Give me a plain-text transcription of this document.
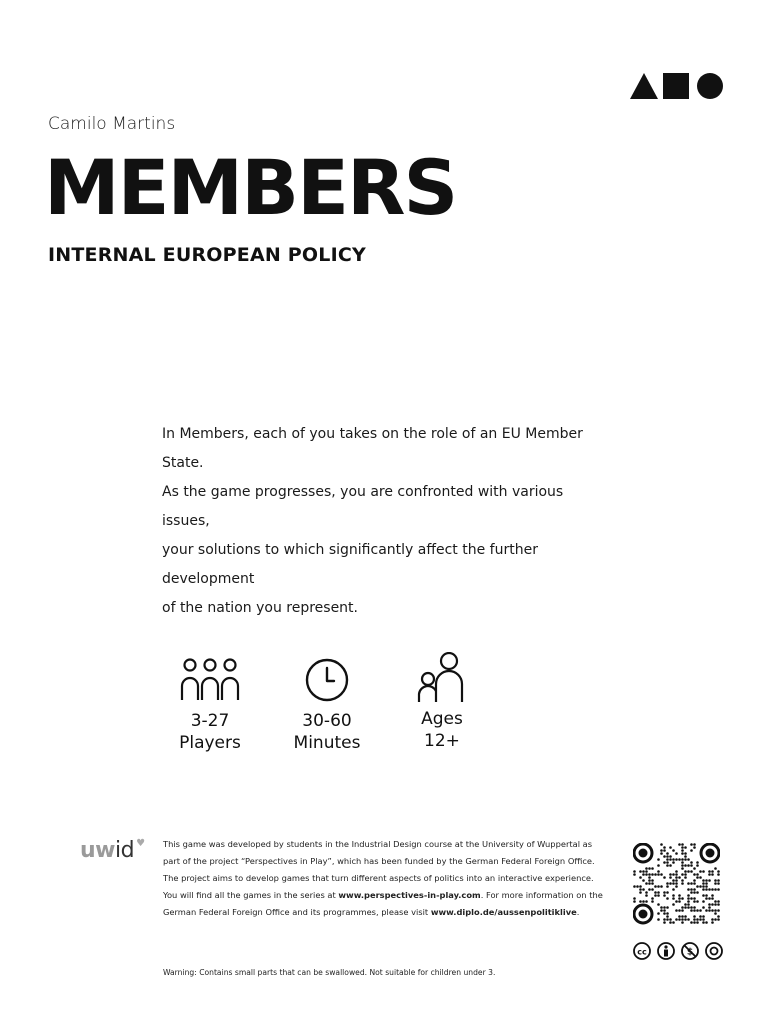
Camilo Martins
MEMBERS
INTERNAL EUROPEAN POLICY

In Members, each of you takes on the role of an EU Member State.

As the game progresses, you are confronted with various issues,

your solutions to which significantly affect the further development

of the nation you represent.

3-27
Players
30-60
Minutes
Ages
12+
uwid ♥ This game was developed by students in the Industrial Design course at the University of Wuppertal as part of the project “Perspectives in Play”, which has been funded by the German Federal Foreign Office. The project aims to develop games that turn different aspects of politics into an interactive experience. You will find all the games in the series at www.perspectives-in-play.com. For more information on the German Federal Foreign Office and its programmes, please visit www.diplo.de/aussenpolitiklive.
Warning: Contains small parts that can be swallowed. Not suitable for children under 3.
cc	$
